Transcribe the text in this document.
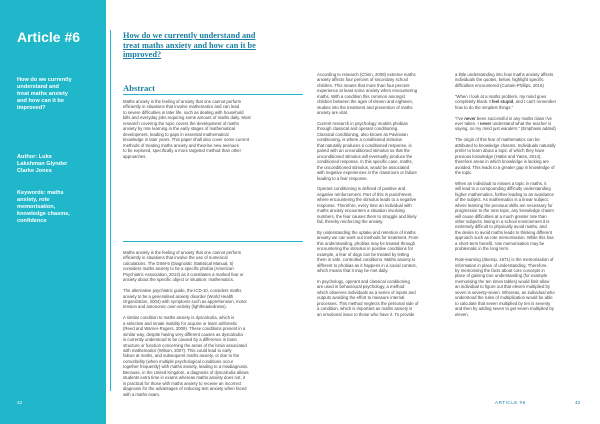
Article #6
How do we currently
understand and
treat maths anxiety
and how can it be
improved?
Author: Luke
Lakshman Glynder
Clarke Jones
Keywords: maths
anxiety, rote
memorisation,
knowledge chasms,
confidence
42
How do we currently understand and
treat maths anxiety and how can it be
improved?
Abstract
Maths anxiety is the feeling of anxiety that one cannot perform
efficiently in situations that involve mathematics and can lead
to severe difficulties in later life, such as dealing with household
bills and everyday jobs requiring some amount of maths daily. Most
research covering the topic covers the development of maths
anxiety by rote learning in the early stages of mathematical
development, leading to gaps in essential mathematical
knowledge in later years. This paper shall also cover some current
methods of treating maths anxiety and theorise new avenues
to be explored, specifically a more targeted method than other
approaches.
Maths anxiety is the feeling of anxiety that one cannot perform
efficiently in situations that involve the use of numerical
calculations. The DSM-5 (Diagnostic Statistical Manual, 5)
considers maths anxiety to be a specific phobia (American
Psychiatric Association, 2013) as it constitutes a marked fear or
anxiety about the specific object or situation: mathematics.
The alternative psychiatric guide, the ICD-10, considers maths
anxiety to be a generalised anxiety disorder (World Health
Organization, 2004) with symptoms such as apprehension, motor
tension and autonomic over-activity (lightheadedness).
A similar condition to maths anxiety is dyscalculia, which is
a selective and innate inability for acquire or learn arithmetic
(Reed and Warner-Rogers, 2009). These conditions present in a
similar way, despite having very different causes as dyscalculia
is currently understood to be caused by a difference in brain
structure or function concerning the areas of the brain associated
with mathematics (Wilson, 2007). This could lead to early
failure at maths, and subsequent maths anxiety, or due to the
comorbidity (when multiple psychological conditions occur
together frequently) with maths anxiety, leading to a misdiagnosis.
Because, in the United Kingdom, a diagnosis of dyscalculia allows
students extra time in exams whereas maths anxiety does not, it
is practical for those with maths anxiety to receive an incorrect
diagnosis for the advantages of reducing test anxiety when faced
with a maths exam.
According to research (Chinn, 2008) extreme maths
anxiety affects four percent of secondary school
children. This means that more than four percent
experience at least some anxiety when encountering
maths. With a condition this common amongst
children between the ages of eleven and eighteen,
studies into the treatment and prevention of maths
anxiety are vital.
Current research in psychology models phobias
through classical and operant conditioning.
Classical conditioning, also known as Pavlovian
conditioning, is where a conditioned stimulus
that naturally produces a conditioned response, is
paired with an unconditioned stimulus so that the
unconditioned stimulus will eventually produce the
conditioned response. In this specific case, maths,
the unconditioned stimulus, would be associated
with negative experiences in the classroom or failure
leading to a fear response.
Operant conditioning is defined of positive and
negative reinforcement. Part of this is punishment,
where encountering the stimulus leads to a negative
response. Therefore, every time an individual with
maths anxiety encounters a situation involving
numbers, the fear causes them to struggle and likely
fail, thereby reinforcing the anxiety.
By understanding the uptake and retention of maths
anxiety we can work out methods for treatment. From
this understanding, phobias may be treated through
encountering the stimulus in positive conditions for
example, a fear of dogs can be treated by letting
them in safe, controlled conditions. Maths anxiety is
different to phobias as it happens in a social context,
which means that it may be met daily.
In psychology, operant and classical conditioning
are used in behavioural psychology, a method
which observes individuals as a series of inputs and
outputs avoiding the effort to measure internal
processes. This method neglects the personal side of
a condition, which is important as maths anxiety is
an emotional issue to those who have it. To provide
a little understanding into how maths anxiety affects
individuals the quotes, below, highlight specific
difficulties encountered (Curtain-Phillips, 2016)
“When I look at a maths problem, my mind goes
completely blank. I feel stupid, and I can't remember
how to do the simplest things.”
“I've never been successful in any maths class I've
ever taken. I never understand what the teacher is
saying, so my mind just wanders.” (Emphasis added)
The origin of this fear of mathematics can be
attributed to knowledge chasms. Individuals naturally
prefer to learn about a topic of which they have
previous knowledge (Hattie and Yates, 2014),
therefore areas in which knowledge is lacking are
avoided. This leads to a greater gap in knowledge of
the topic.
When an individual to misses a topic in maths, it
will lead to a compounding difficulty understanding
higher mathematics, further leading to an avoidance
of the subject. As mathematics is a linear subject,
where learning the previous skills are necessary for
progression to the next topic, any knowledge chasm
will cause difficulties at a much greater rate than
other subjects. Being in a school environment it is
extremely difficult to physically avoid maths, and
the desire to avoid maths leads to thinking different
approach such as rote memorisation. While this has
a short-term benefit, rote memorisation may be
problematic in the long term.
Rote-learning (Skemp, 1971) is the memorisation of
information in place of understanding. Therefore,
by memorising the facts about core concepts in
place of gaining true understanding (for example
memorising the ten times tables) would limit allow
an individual to figure out that eleven multiplied by
seven is seventy-seven. Whereas, an individual who
understood the rules of multiplication would be able
to calculate that seven multiplied by ten is seventy
and then by adding seven to get seven multiplied by
eleven.
ARTICLE #6	43
